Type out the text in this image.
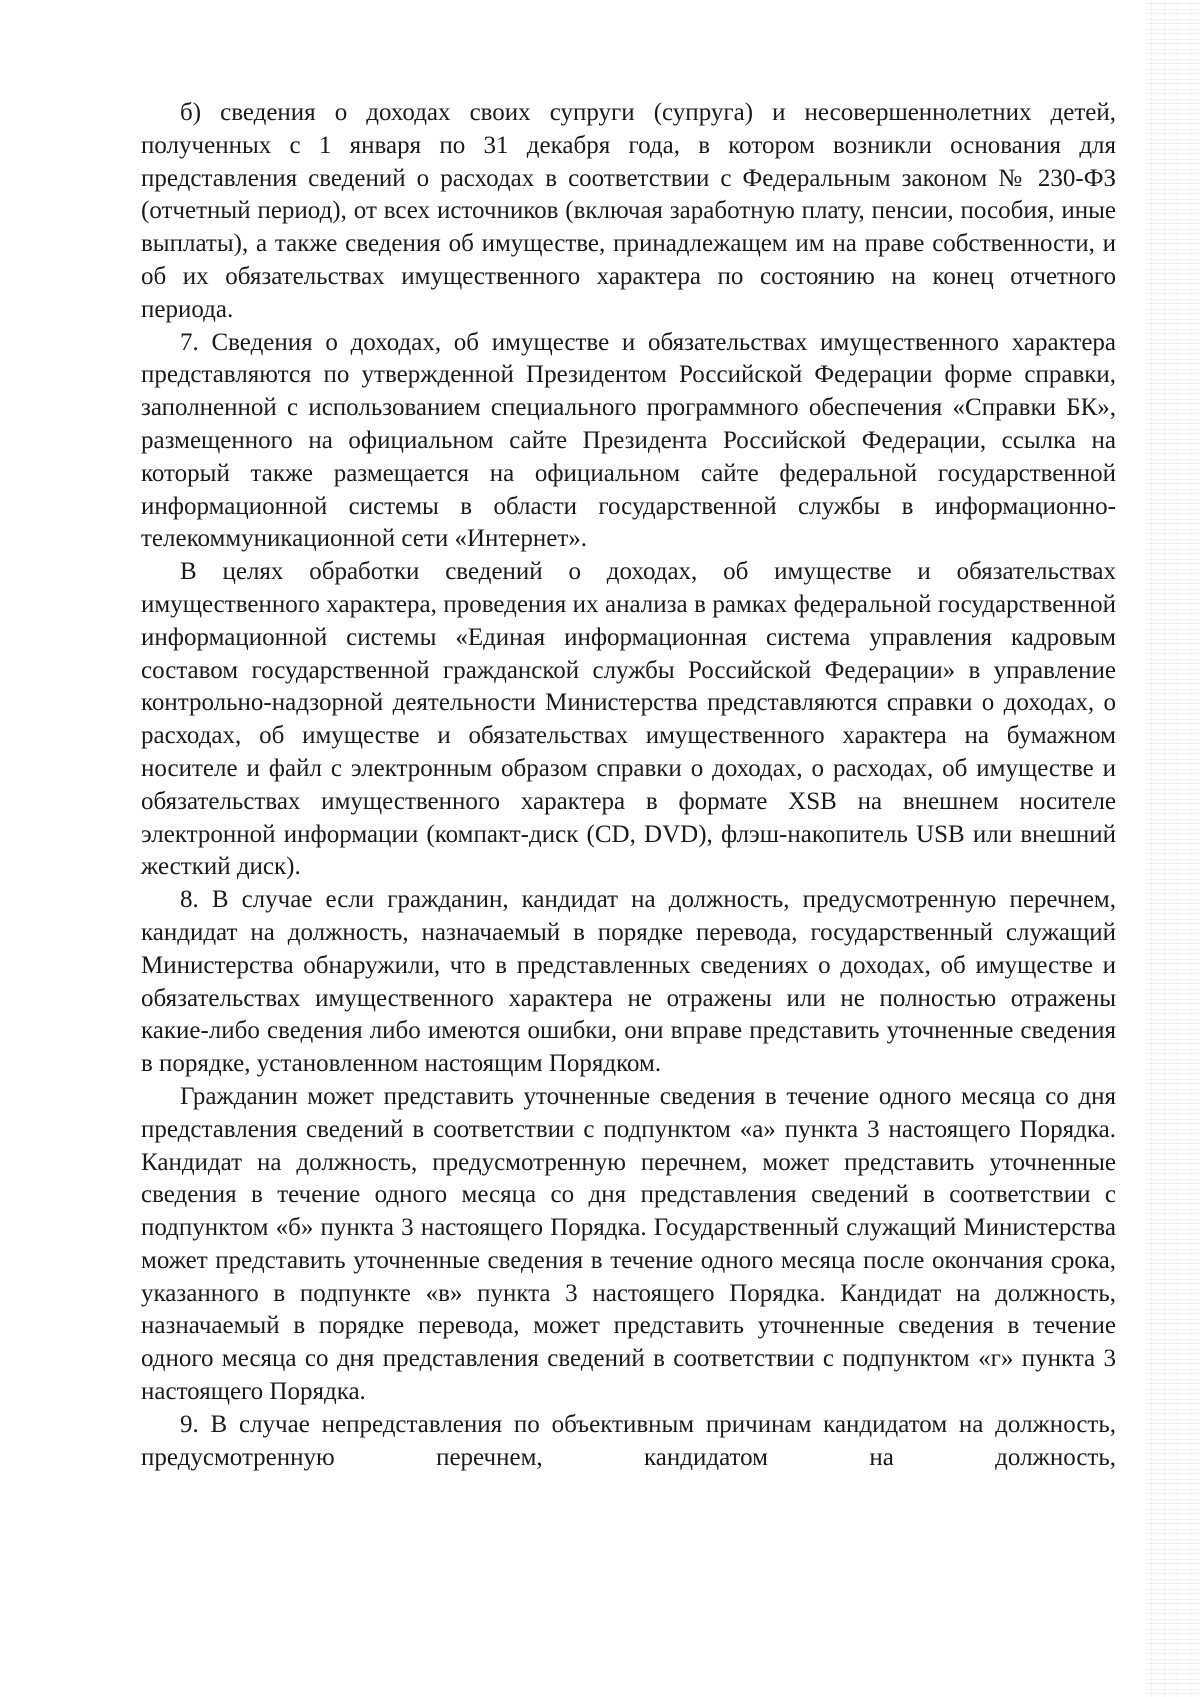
б) сведения о доходах своих супруги (супруга) и несовершеннолетних детей, полученных с 1 января по 31 декабря года, в котором возникли основания для представления сведений о расходах в соответствии с Федеральным законом № 230-ФЗ (отчетный период), от всех источников (включая заработную плату, пенсии, пособия, иные выплаты), а также сведения об имуществе, принадлежащем им на праве собственности, и об их обязательствах имущественного характера по состоянию на конец отчетного периода.

7. Сведения о доходах, об имуществе и обязательствах имущественного характера представляются по утвержденной Президентом Российской Федерации форме справки, заполненной с использованием специального программного обеспечения «Справки БК», размещенного на официальном сайте Президента Российской Федерации, ссылка на который также размещается на официальном сайте федеральной государственной информационной системы в области государственной службы в информационно-телекоммуникационной сети «Интернет».

В целях обработки сведений о доходах, об имуществе и обязательствах имущественного характера, проведения их анализа в рамках федеральной государственной информационной системы «Единая информационная система управления кадровым составом государственной гражданской службы Российской Федерации» в управление контрольно-надзорной деятельности Министерства представляются справки о доходах, о расходах, об имуществе и обязательствах имущественного характера на бумажном носителе и файл с электронным образом справки о доходах, о расходах, об имуществе и обязательствах имущественного характера в формате XSB на внешнем носителе электронной информации (компакт-диск (CD, DVD), флэш-накопитель USB или внешний жесткий диск).

8. В случае если гражданин, кандидат на должность, предусмотренную перечнем, кандидат на должность, назначаемый в порядке перевода, государственный служащий Министерства обнаружили, что в представленных сведениях о доходах, об имуществе и обязательствах имущественного характера не отражены или не полностью отражены какие-либо сведения либо имеются ошибки, они вправе представить уточненные сведения в порядке, установленном настоящим Порядком.

Гражданин может представить уточненные сведения в течение одного месяца со дня представления сведений в соответствии с подпунктом «а» пункта 3 настоящего Порядка. Кандидат на должность, предусмотренную перечнем, может представить уточненные сведения в течение одного месяца со дня представления сведений в соответствии с подпунктом «б» пункта 3 настоящего Порядка. Государственный служащий Министерства может представить уточненные сведения в течение одного месяца после окончания срока, указанного в подпункте «в» пункта 3 настоящего Порядка. Кандидат на должность, назначаемый в порядке перевода, может представить уточненные сведения в течение одного месяца со дня представления сведений в соответствии с подпунктом «г» пункта 3 настоящего Порядка.

9. В случае непредставления по объективным причинам кандидатом на должность, предусмотренную перечнем, кандидатом на должность,
